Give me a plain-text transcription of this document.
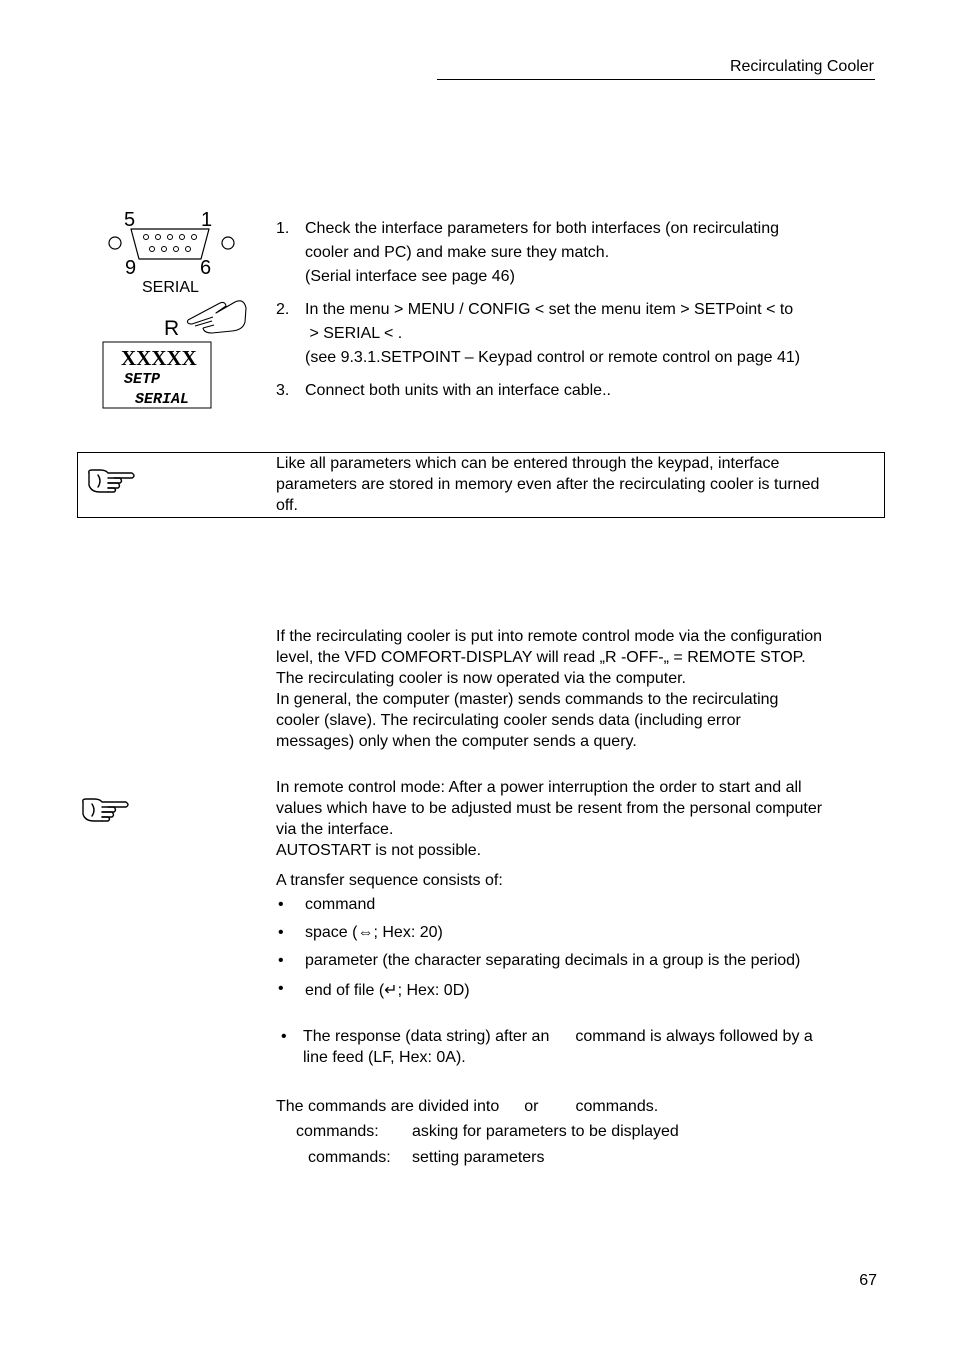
Recirculating Cooler
5	1
9	6
SERIAL
R
XXXXX
SETP
SERIAL
1. Check the interface parameters for both interfaces (on recirculating
cooler and PC) and make sure they match.
(Serial interface see page 46)
2. In the menu > MENU / CONFIG < set the menu item > SETPoint < to
> SERIAL < .
(see 9.3.1.SETPOINT – Keypad control or remote control on page 41)
3. Connect both units with an interface cable..
Like all parameters which can be entered through the keypad, interface
parameters are stored in memory even after the recirculating cooler is turned
off.
If the recirculating cooler is put into remote control mode via the configuration
level, the VFD COMFORT-DISPLAY will read „R -OFF-„ = REMOTE STOP.
The recirculating cooler is now operated via the computer.
In general, the computer (master) sends commands to the recirculating
cooler (slave). The recirculating cooler sends data (including error
messages) only when the computer sends a query.
In remote control mode: After a power interruption the order to start and all
values which have to be adjusted must be resent from the personal computer
via the interface.
AUTOSTART is not possible.
A transfer sequence consists of:
• command
• space (⇔; Hex: 20)
• parameter (the character separating decimals in a group is the period)
• end of file (↵; Hex: 0D)
• The response (data string) after an command is always followed by a
line feed (LF, Hex: 0A).
The commands are divided into or commands.
commands: asking for parameters to be displayed
commands: setting parameters
67
